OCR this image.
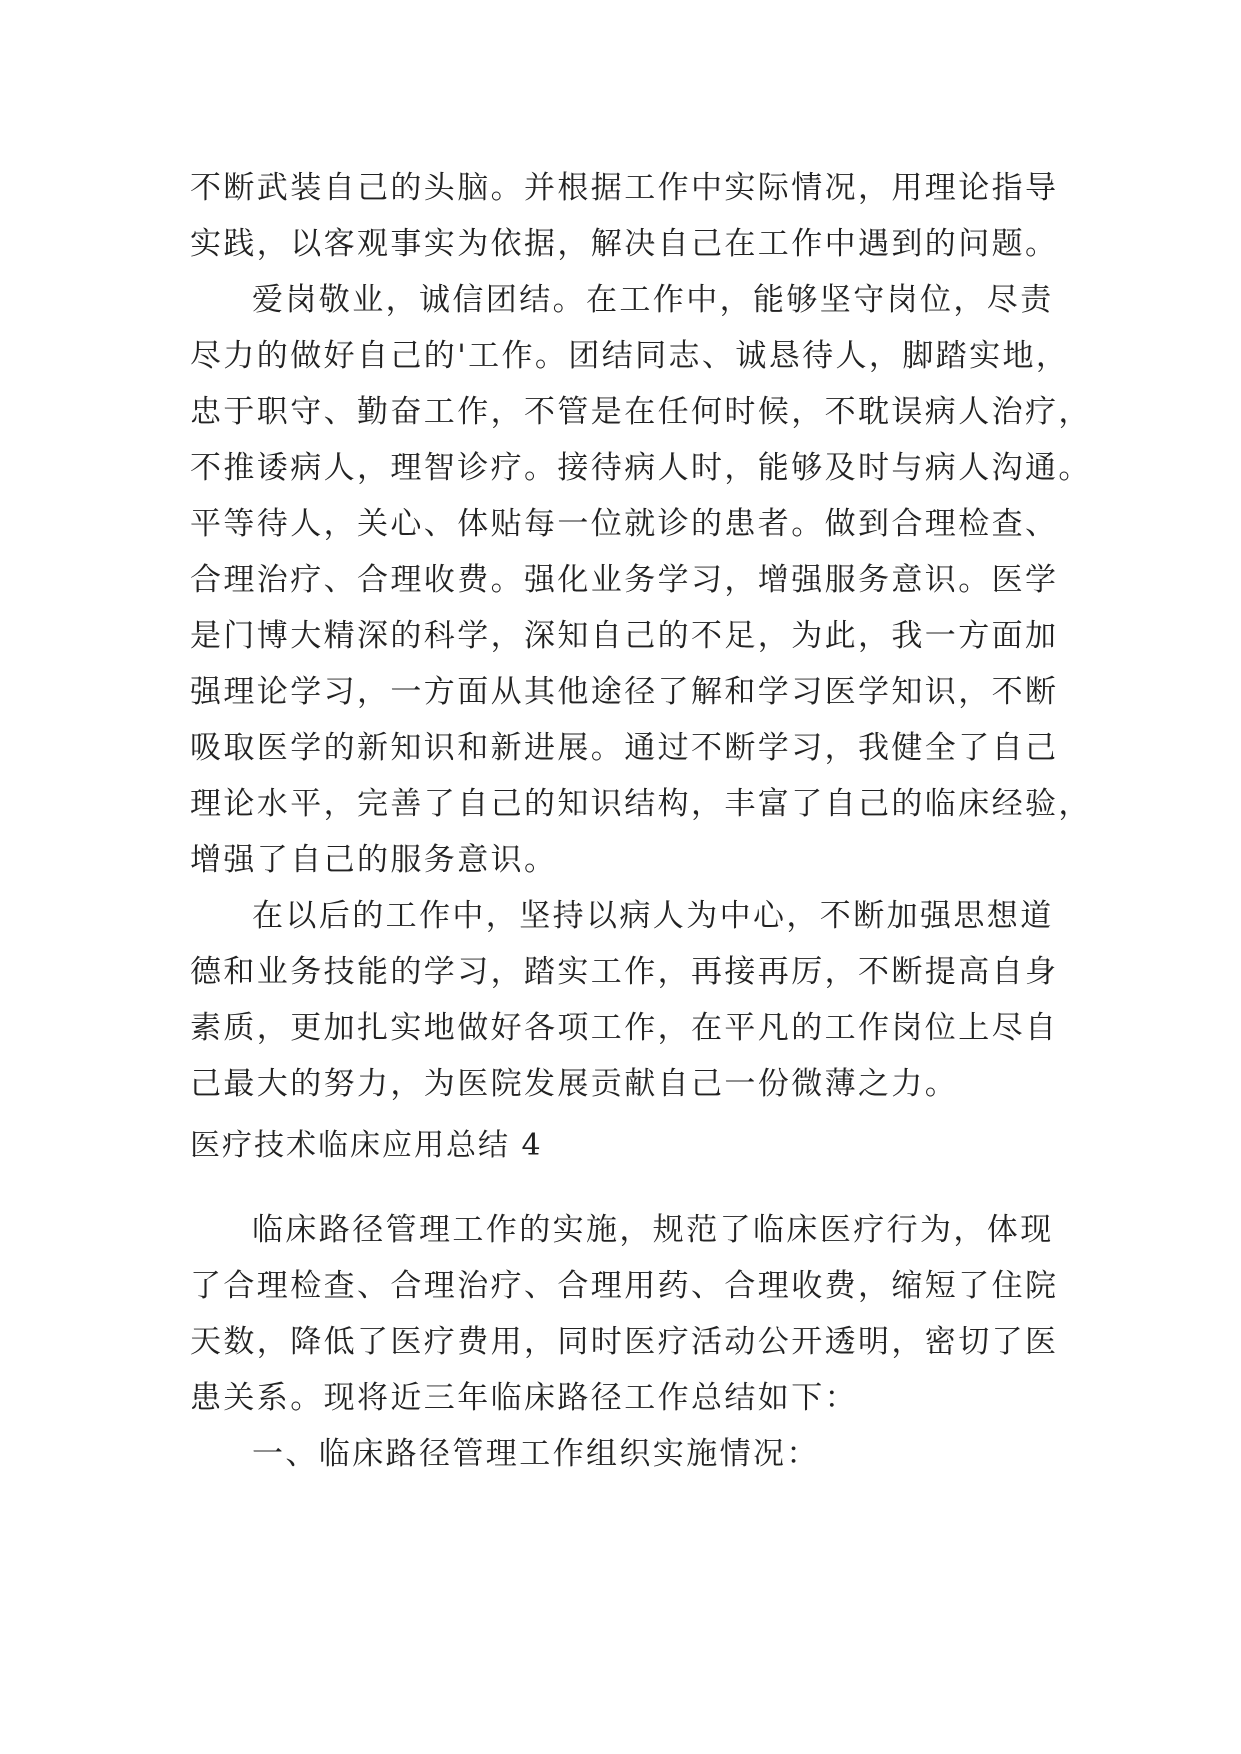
不断武装自己的头脑。并根据工作中实际情况，用理论指导
实践，以客观事实为依据，解决自己在工作中遇到的问题。
爱岗敬业，诚信团结。在工作中，能够坚守岗位，尽责
尽力的做好自己的'工作。团结同志、诚恳待人，脚踏实地，
忠于职守、勤奋工作，不管是在任何时候，不耽误病人治疗，
不推诿病人，理智诊疗。接待病人时，能够及时与病人沟通。
平等待人，关心、体贴每一位就诊的患者。做到合理检查、
合理治疗、合理收费。强化业务学习，增强服务意识。医学
是门博大精深的科学，深知自己的不足，为此，我一方面加
强理论学习，一方面从其他途径了解和学习医学知识，不断
吸取医学的新知识和新进展。通过不断学习，我健全了自己
理论水平，完善了自己的知识结构，丰富了自己的临床经验，
增强了自己的服务意识。
在以后的工作中，坚持以病人为中心，不断加强思想道
德和业务技能的学习，踏实工作，再接再厉，不断提高自身
素质，更加扎实地做好各项工作，在平凡的工作岗位上尽自
己最大的努力，为医院发展贡献自己一份微薄之力。
医疗技术临床应用总结 4
临床路径管理工作的实施，规范了临床医疗行为，体现
了合理检查、合理治疗、合理用药、合理收费，缩短了住院
天数，降低了医疗费用，同时医疗活动公开透明，密切了医
患关系。现将近三年临床路径工作总结如下：
一、临床路径管理工作组织实施情况：
